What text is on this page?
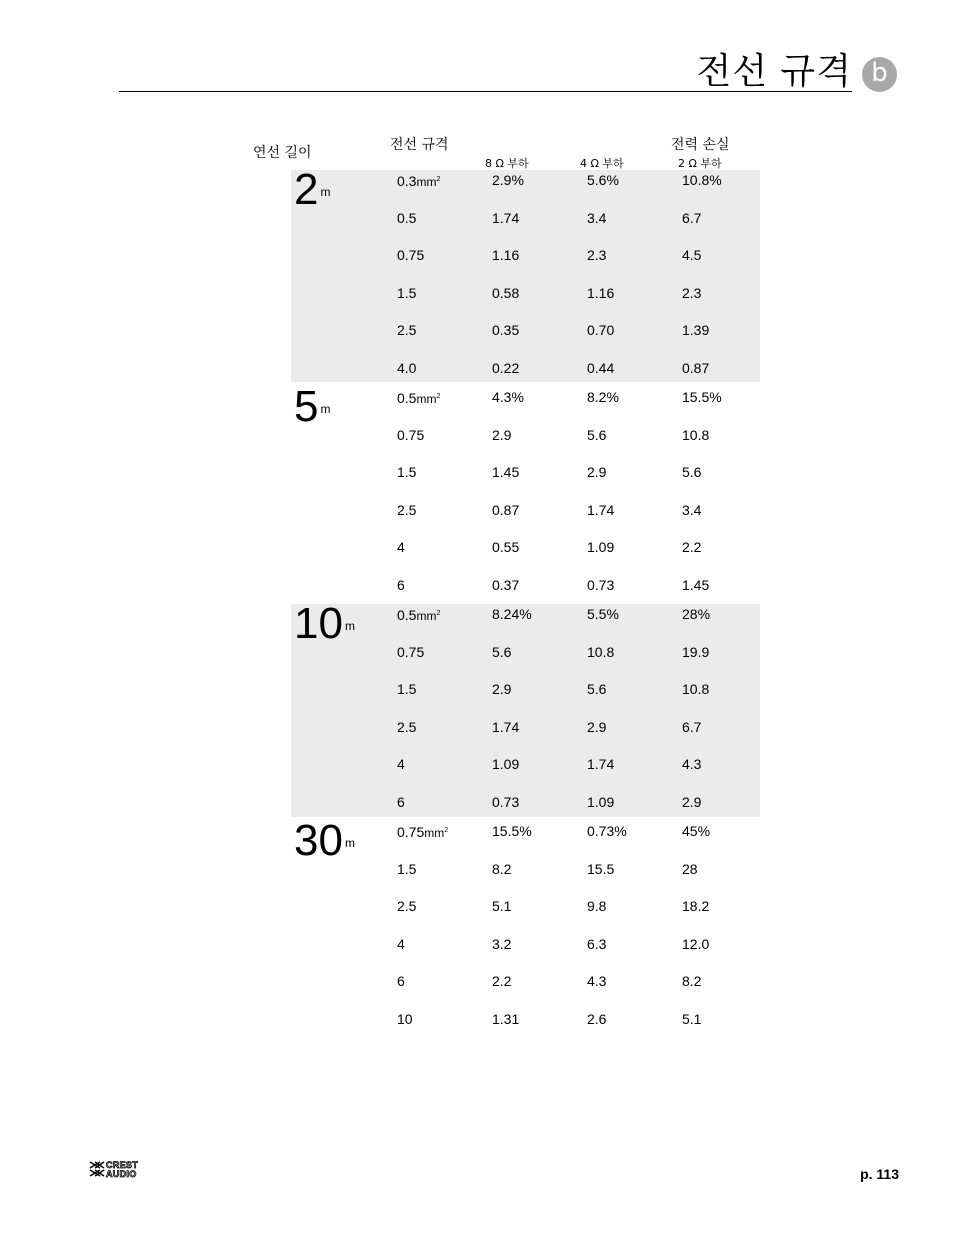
전선 규격 b
연선 길이	전선 규격	전력 손실
8 Ω 부하	4 Ω 부하	2 Ω 부하
2 $^m$
$0.3mm^2$	2.9%	5.6%	10.8%
0.5	1.74	3.4	6.7
0.75	1.16	2.3	4.5
1.5	0.58	1.16	2.3
2.5	0.35	0.70	1.39
4.0	0.22	0.44	0.87
5 $^m$
$0.5mm^2$	4.3%	8.2%	15.5%
0.75	2.9	5.6	10.8
1.5	1.45	2.9	5.6
2.5	0.87	1.74	3.4
4	0.55	1.09	2.2
6	0.37	0.73	1.45
10 $^m$
$0.5mm^2$	8.24%	5.5%	28%
0.75	5.6	10.8	19.9
1.5	2.9	5.6	10.8
2.5	1.74	2.9	6.7
4	1.09	1.74	4.3
6	0.73	1.09	2.9
30 $^m$
$0.75mm^2$	15.5%	0.73%	45%
1.5	8.2	15.5	28
2.5	5.1	9.8	18.2
4	3.2	6.3	12.0
6	2.2	4.3	8.2
10	1.31	2.6	5.1
CREST
AUDIO	p. 113
